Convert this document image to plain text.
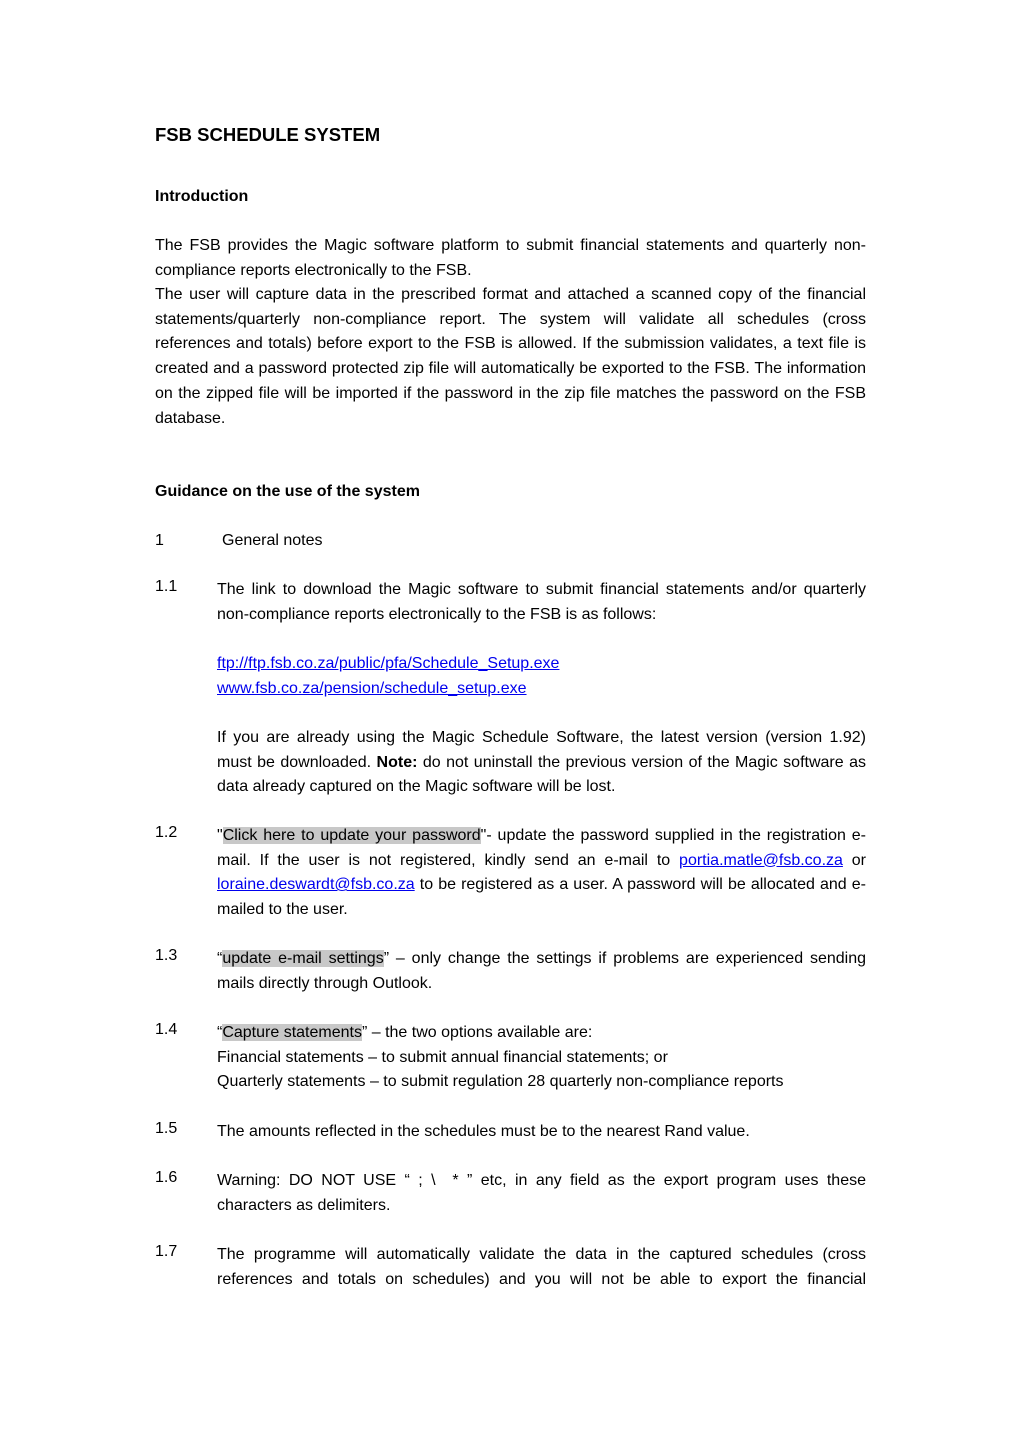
FSB SCHEDULE SYSTEM
Introduction

The FSB provides the Magic software platform to submit financial statements and quarterly non-compliance reports electronically to the FSB.

The user will capture data in the prescribed format and attached a scanned copy of the financial statements/quarterly non-compliance report. The system will validate all schedules (cross references and totals) before export to the FSB is allowed. If the submission validates, a text file is created and a password protected zip file will automatically be exported to the FSB. The information on the zipped file will be imported if the password in the zip file matches the password on the FSB database.

Guidance on the use of the system
1	General notes
1.1 The link to download the Magic software to submit financial statements and/or quarterly non-compliance reports electronically to the FSB is as follows:

ftp://ftp.fsb.co.za/public/pfa/Schedule_Setup.exe
www.fsb.co.za/pension/schedule_setup.exe

If you are already using the Magic Schedule Software, the latest version (version 1.92) must be downloaded. Note: do not uninstall the previous version of the Magic software as data already captured on the Magic software will be lost.

1.2 "Click here to update your password"- update the password supplied in the registration e-mail. If the user is not registered, kindly send an e-mail to portia.matle@fsb.co.za or loraine.deswardt@fsb.co.za to be registered as a user. A password will be allocated and e-mailed to the user.

1.3 “update e-mail settings” – only change the settings if problems are experienced sending mails directly through Outlook.

1.4 “Capture statements” – the two options available are:
Financial statements – to submit annual financial statements; or
Quarterly statements – to submit regulation 28 quarterly non-compliance reports

1.5 The amounts reflected in the schedules must be to the nearest Rand value.

1.6 Warning: DO NOT USE “ ; \  * ” etc, in any field as the export program uses these characters as delimiters.

1.7 The programme will automatically validate the data in the captured schedules (cross references and totals on schedules) and you will not be able to export the financial
